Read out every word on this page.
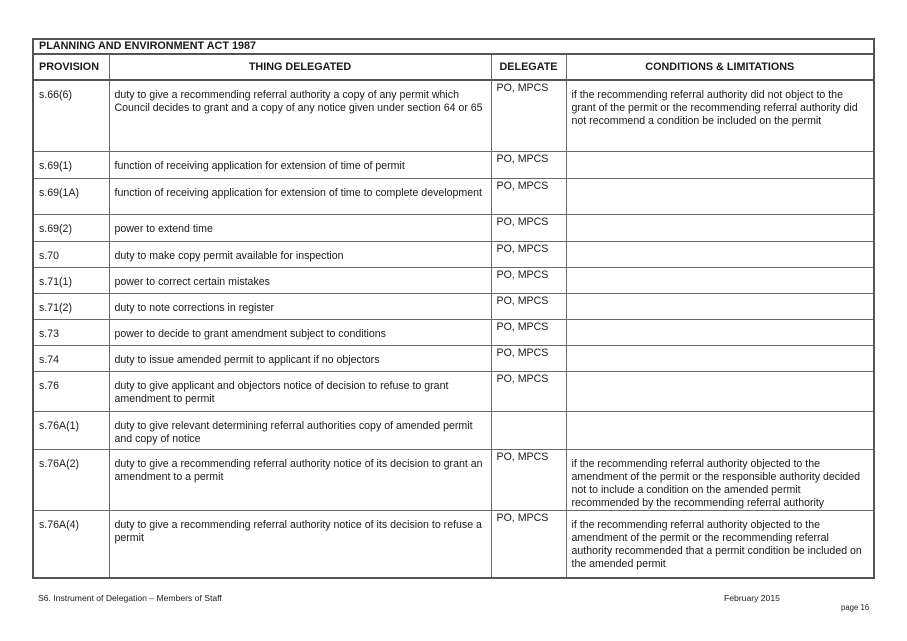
PLANNING AND ENVIRONMENT ACT 1987			
PROVISION	THING DELEGATED	DELEGATE	CONDITIONS & LIMITATIONS
s.66(6)	duty to give a recommending referral authority a copy of any permit which Council decides to grant and a copy of any notice given under section 64 or 65	PO, MPCS	if the recommending referral authority did not object to the grant of the permit or the recommending referral authority did not recommend a condition be included on the permit
s.69(1)	function of receiving application for extension of time of permit	PO, MPCS	
s.69(1A)	function of receiving application for extension of time to complete development	PO, MPCS	
s.69(2)	power to extend time	PO, MPCS	
s.70	duty to make copy permit available for inspection	PO, MPCS	
s.71(1)	power to correct certain mistakes	PO, MPCS	
s.71(2)	duty to note corrections in register	PO, MPCS	
s.73	power to decide to grant amendment subject to conditions	PO, MPCS	
s.74	duty to issue amended permit to applicant if no objectors	PO, MPCS	
s.76	duty to give applicant and objectors notice of decision to refuse to grant amendment to permit	PO, MPCS	
s.76A(1)	duty to give relevant determining referral authorities copy of amended permit and copy of notice		
s.76A(2)	duty to give a recommending referral authority notice of its decision to grant an amendment to a permit	PO, MPCS	if the recommending referral authority objected to the amendment of the permit or the responsible authority decided not to include a condition on the amended permit recommended by the recommending referral authority
s.76A(4)	duty to give a recommending referral authority notice of its decision to refuse a permit	PO, MPCS	if the recommending referral authority objected to the amendment of the permit or the recommending referral authority recommended that a permit condition be included on the amended permit
S6. Instrument of Delegation – Members of Staff	February 2015
page 16
